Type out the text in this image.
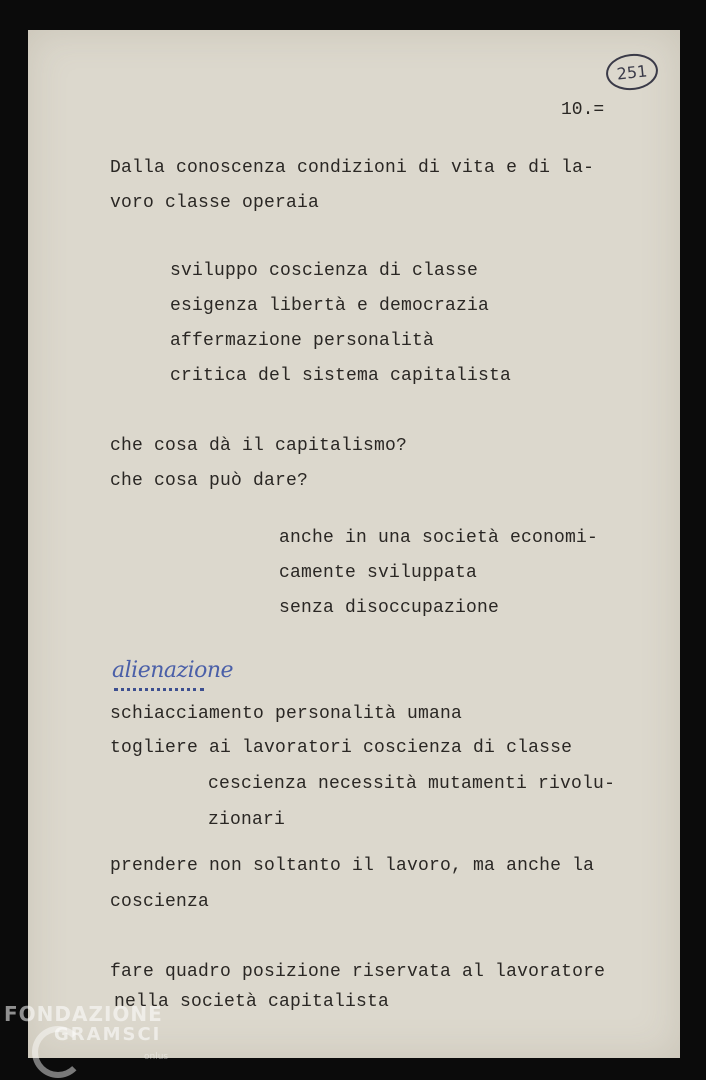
251
10.=
Dalla conoscenza condizioni di vita e di la-
voro classe operaia
sviluppo coscienza di classe
esigenza libertà e democrazia
affermazione personalità
critica del sistema capitalista
che cosa dà il capitalismo?
che cosa può dare?
anche in una società economi-
camente sviluppata
senza disoccupazione
alienazione
schiacciamento personalità umana
togliere ai lavoratori coscienza di classe
cescienza necessità mutamenti rivolu-
zionari
prendere non soltanto il lavoro, ma anche la
coscienza
fare quadro posizione riservata al lavoratore
nella società capitalista
FONDAZIONE
GRAMSCI
onlus
